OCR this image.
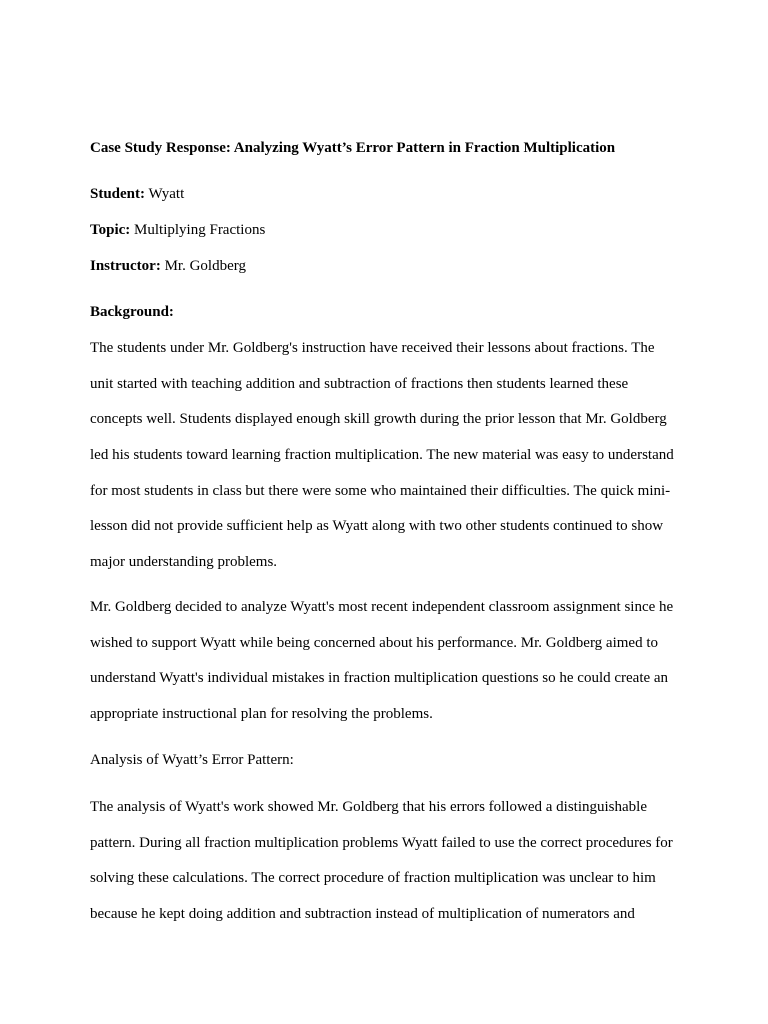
Case Study Response: Analyzing Wyatt’s Error Pattern in Fraction Multiplication
Student: Wyatt
Topic: Multiplying Fractions
Instructor: Mr. Goldberg
Background:
The students under Mr. Goldberg's instruction have received their lessons about fractions. The
unit started with teaching addition and subtraction of fractions then students learned these
concepts well. Students displayed enough skill growth during the prior lesson that Mr. Goldberg
led his students toward learning fraction multiplication. The new material was easy to understand
for most students in class but there were some who maintained their difficulties. The quick mini-
lesson did not provide sufficient help as Wyatt along with two other students continued to show
major understanding problems.
Mr. Goldberg decided to analyze Wyatt's most recent independent classroom assignment since he
wished to support Wyatt while being concerned about his performance. Mr. Goldberg aimed to
understand Wyatt's individual mistakes in fraction multiplication questions so he could create an
appropriate instructional plan for resolving the problems.
Analysis of Wyatt’s Error Pattern:
The analysis of Wyatt's work showed Mr. Goldberg that his errors followed a distinguishable
pattern. During all fraction multiplication problems Wyatt failed to use the correct procedures for
solving these calculations. The correct procedure of fraction multiplication was unclear to him
because he kept doing addition and subtraction instead of multiplication of numerators and
